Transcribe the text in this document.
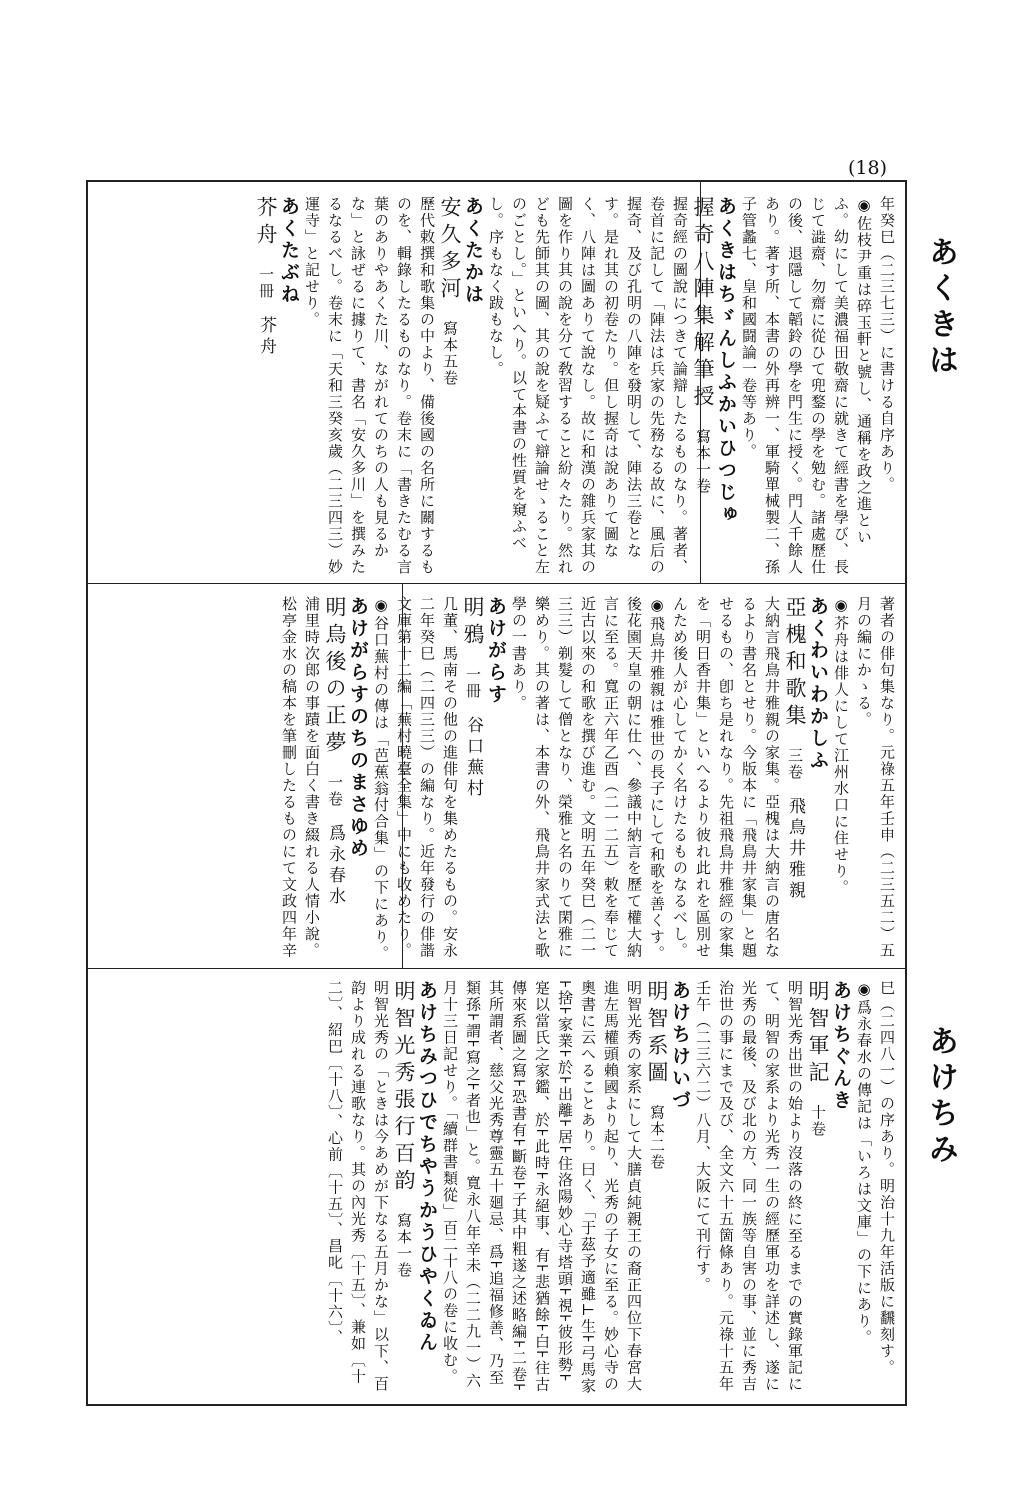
(18)
あくきは
あけちみ
年癸巳（二三七三）に書ける自序あり。
◉佐枝尹重は碎玉軒と號し、通稱を政之進といふ。幼にして美濃福田敬齋に就きて經書を學び、長じて澁齋、勿齋に從ひて兜鍪の學を勉む。諸處歷仕の後、退隱して韜鈴の學を門生に授く。門人千餘人あり。著す所、本書の外再辨一、軍騎單械製二、孫子管蠡七、皇和國闘論一卷等あり。
あくきはちゞんしふかいひつじゅ
握奇八陣集解筆授　寫本一卷
握奇經の圖說につきて論辯したるものなり。著者、卷首に記して「陣法は兵家の先務なる故に、風后の握奇、及び孔明の八陣を發明して、陣法三卷となす。是れ其の初卷たり。但し握奇は說ありて圖なく、八陣は圖ありて說なし。故に和漢の雜兵家其の圖を作り其の說を分て敎習すること紛々たり。然れども先師其の圖、其の說を疑ふて辯論せゝること左のごとし。」といへり。以て本書の性質を窺ふべし。序もなく跋もなし。
あくたかは
安久多河　寫本五卷
歷代敕撰和歌集の中より、備後國の名所に關するものを、輯錄したるものなり。卷末に「書きたむる言葉のありやあくた川、ながれてのちの人も見るかな」と詠ぜるに據りて、書名「安久多川」を撰みたるなるべし。卷末に「天和三癸亥歲（二三四三）妙運寺」と記せり。
あくたぶね
芥舟　一冊　芥舟
著者の俳句集なり。元祿五年壬申（二三五二）五月の編にかゝる。
◉芥舟は俳人にして江州水口に住せり。
あくわいわかしふ
亞槐和歌集　三卷　飛鳥井雅親
大納言飛鳥井雅親の家集。亞槐は大納言の唐名なるより書名とせり。今版本に「飛鳥井家集」と題せるもの、卽ち是れなり。先祖飛鳥井雅經の家集を「明日香井集」といへるより彼れ此れを區別せんため後人が心してかく名けたるものなるべし。
◉飛鳥井雅親は雅世の長子にして和歌を善くす。後花園天皇の朝に仕へ、參議中納言を歷て權大納言に至る。寬正六年乙酉（二一二五）敕を奉じて近古以來の和歌を撰び進む。文明五年癸巳（二一三三）剃髮して僧となり、榮雅と名のりて閑雅に樂めり。其の著は、本書の外、飛鳥井家式法と歌學の一書あり。
あけがらす
明鴉　一冊　谷口蕪村
几董、馬南その他の進俳句を集めたるもの。安永二年癸巳（二四三三）の編なり。近年發行の俳諧文庫第十二編「蕪村曉臺全集」中にも收めたり。
◉谷口蕪村の傳は「芭蕉翁付合集」の下にあり。
あけがらすのちのまさゆめ
明烏後の正夢　一卷　爲永春水
浦里時次郎の事蹟を面白く書き綴れる人情小說。松亭金水の稿本を筆刪したるものにて文政四年辛
巳（二四八一）の序あり。明治十九年活版に飜刻す。
◉爲永春水の傳記は「いろは文庫」の下にあり。
あけちぐんき
明智軍記　十卷
明智光秀出世の始より沒落の終に至るまでの實錄軍記にて、明智の家系より光秀一生の經歷軍功を詳述し、遂に光秀の最後、及び北の方、同一族等自害の事、並に秀吉治世の事にまで及び、全文六十五箇條あり。元祿十五年壬午（二三六二）八月、大阪にて刊行す。
あけちけいづ
明智系圖　寫本二卷
明智光秀の家系にして大膳貞純親王の裔正四位下春宮大進左馬權頭賴國より起り、光秀の子女に至る。妙心寺の奧書に云へることあり。曰く、「于茲予適雖⊥生⊦弓馬家⊦捨⊦家業⊦於⊦出離⊦居⊦住洛陽妙心寺塔頭⊦視⊦彼形勢⊦寔以當氏之家鑑、於⊦此時⊦永絕事、有⊦悲猶餘⊦白⊦往古傳來系圖之寫⊦恐書有⊦斷卷⊦子其中粗遂之述略編⊦二卷⊦其所謂者、慈父光秀尊靈五十廻忌、爲⊦追福修善、乃至類孫⊦謂⊦寫之⊦者也」と。寬永八年辛未（二二九一）六月十三日記せり。「續群書類從」百二十八の卷に收む。
あけちみつひでちやうかうひやくゐん
明智光秀張行百韵　寫本一卷
明智光秀の「ときは今あめが下なる五月かな」以下、百韵より成れる連歌なり。其の內光秀〔十五〕、兼如〔十二〕、紹巴〔十八〕、心前〔十五〕、昌叱〔十六〕、
